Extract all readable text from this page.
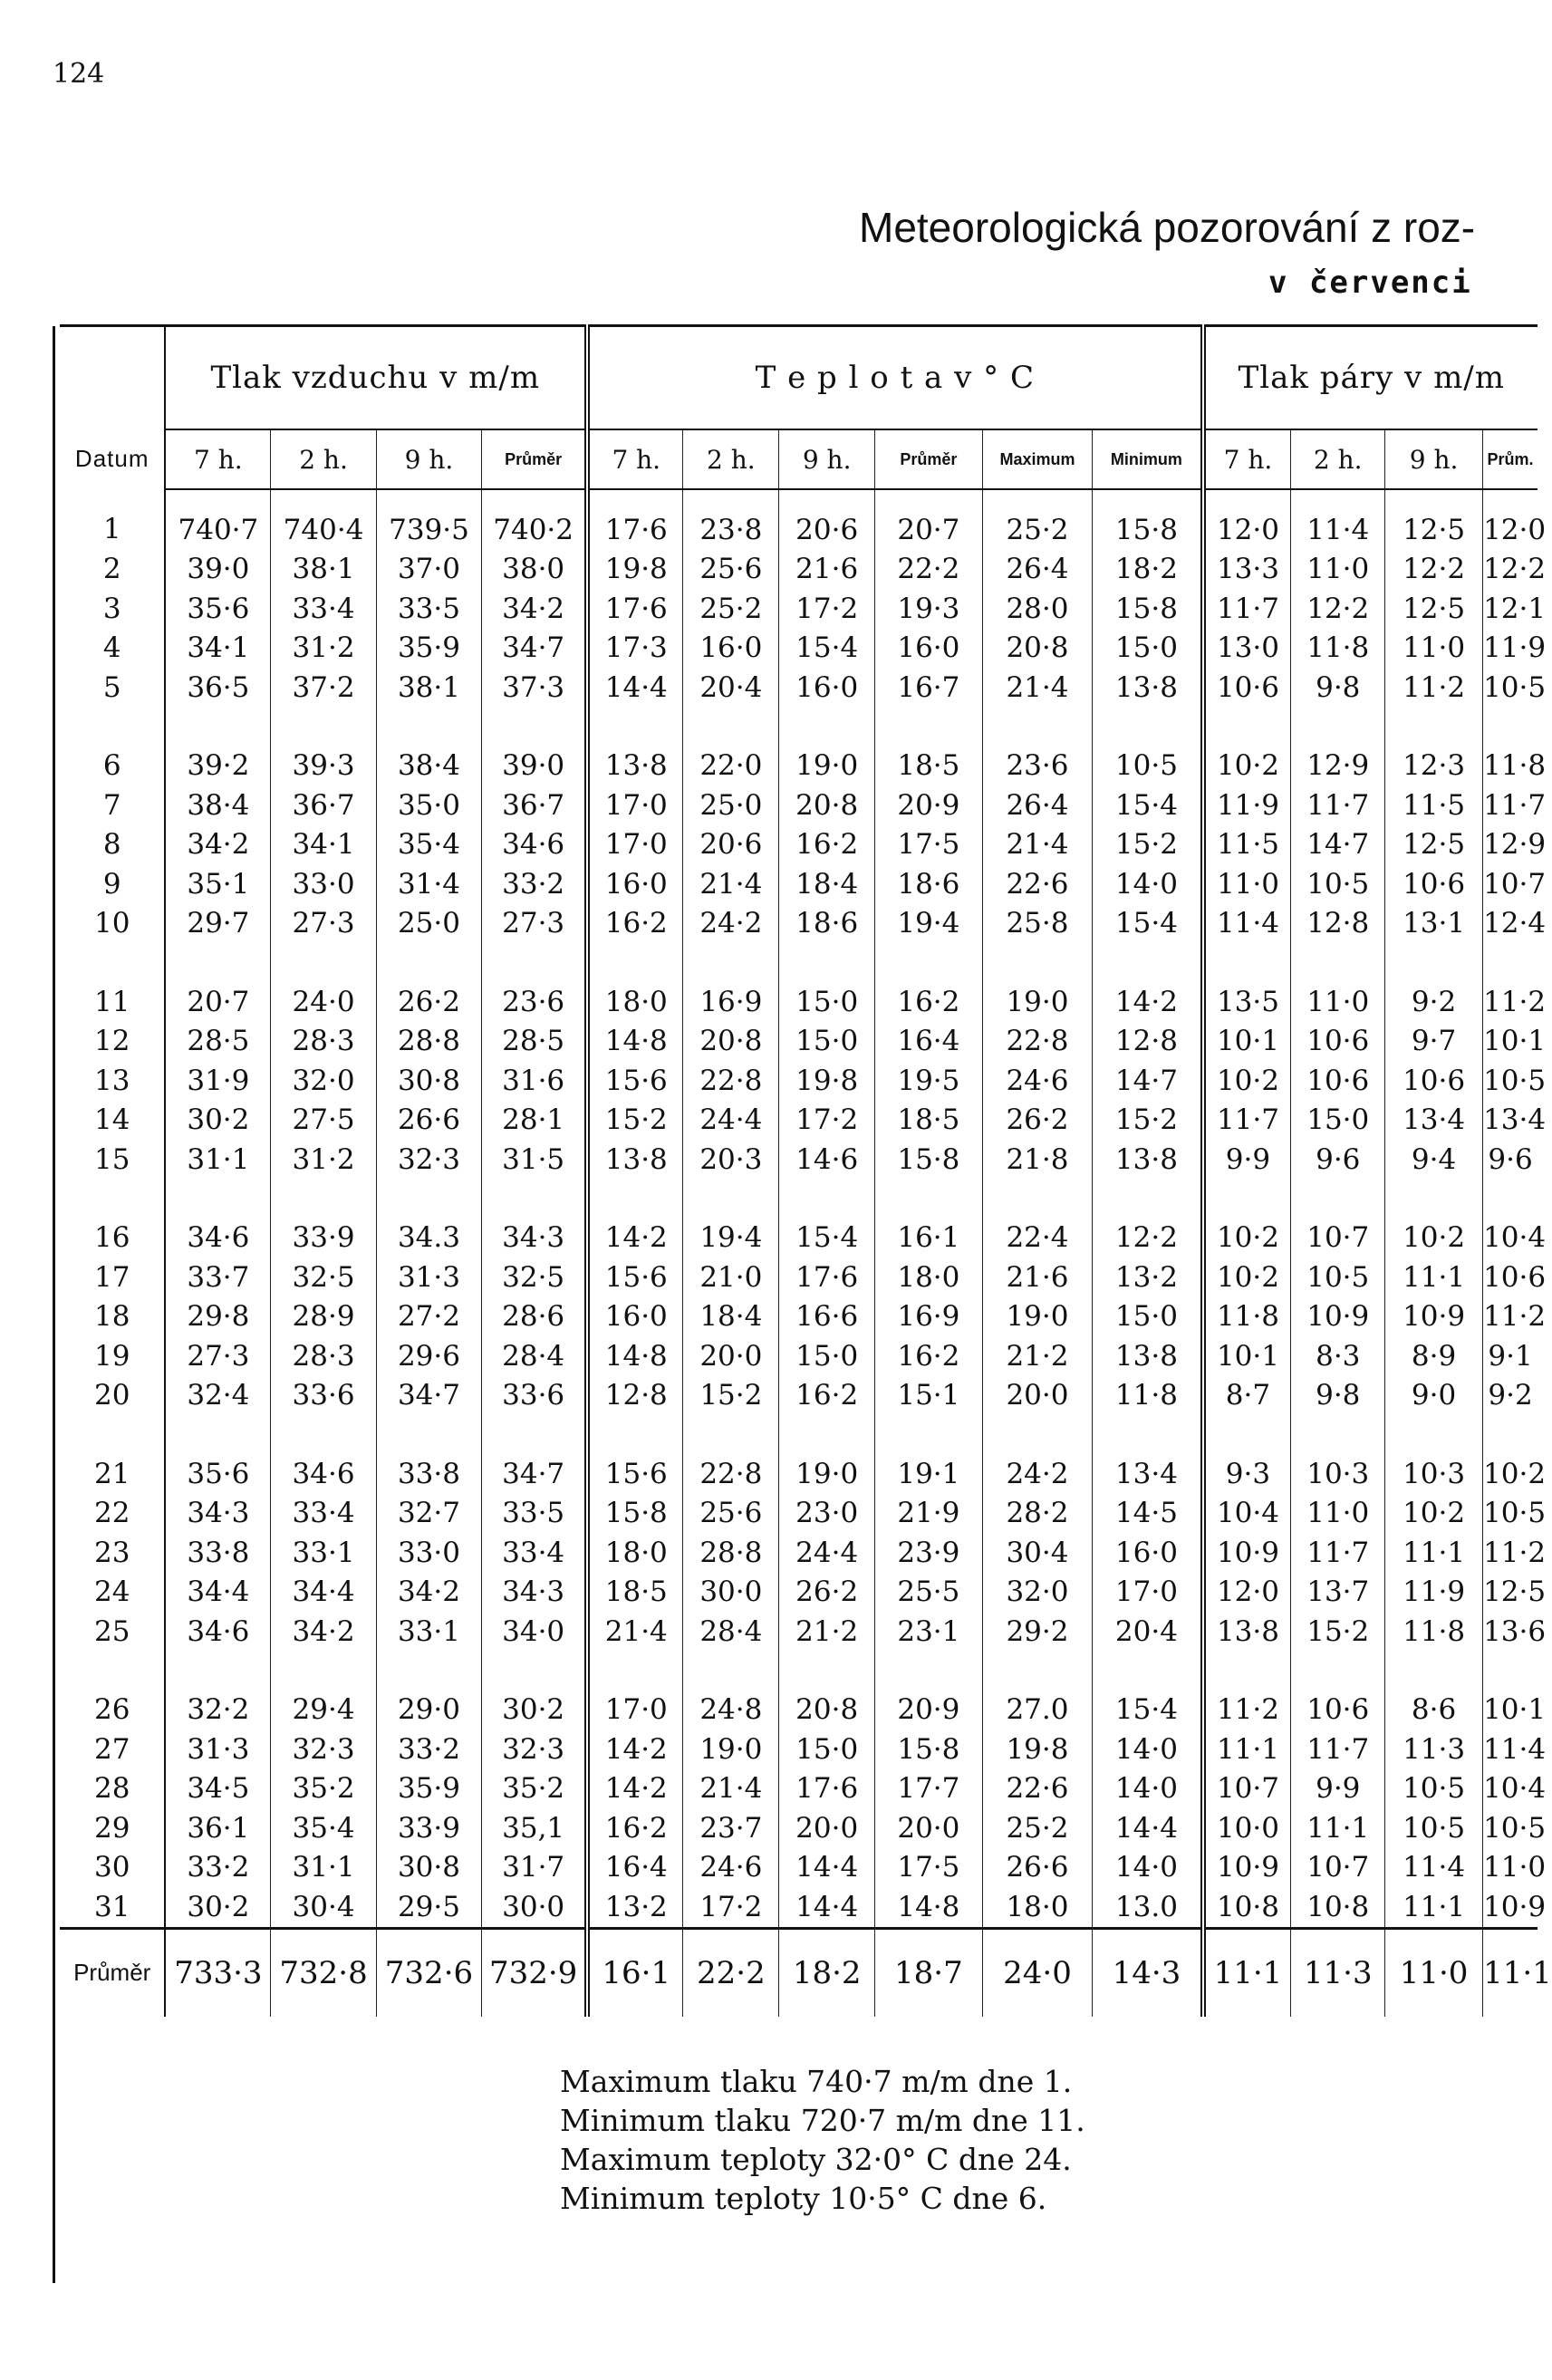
124
Meteorologická pozorování z roz-
v červenci
Datum	Tlak vzduchu v m/m				T e p l o t a v ° C						Tlak páry v m/m			
	7 h.	2 h.	9 h.	Průměr	7 h.	2 h.	9 h.	Průměr	Maximum	Minimum	7 h.	2 h.	9 h.	Prům.
1	740·7	740·4	739·5	740·2	17·6	23·8	20·6	20·7	25·2	15·8	12·0	11·4	12·5	12·0
2	39·0	38·1	37·0	38·0	19·8	25·6	21·6	22·2	26·4	18·2	13·3	11·0	12·2	12·2
3	35·6	33·4	33·5	34·2	17·6	25·2	17·2	19·3	28·0	15·8	11·7	12·2	12·5	12·1
4	34·1	31·2	35·9	34·7	17·3	16·0	15·4	16·0	20·8	15·0	13·0	11·8	11·0	11·9
5	36·5	37·2	38·1	37·3	14·4	20·4	16·0	16·7	21·4	13·8	10·6	9·8	11·2	10·5

6	39·2	39·3	38·4	39·0	13·8	22·0	19·0	18·5	23·6	10·5	10·2	12·9	12·3	11·8
7	38·4	36·7	35·0	36·7	17·0	25·0	20·8	20·9	26·4	15·4	11·9	11·7	11·5	11·7
8	34·2	34·1	35·4	34·6	17·0	20·6	16·2	17·5	21·4	15·2	11·5	14·7	12·5	12·9
9	35·1	33·0	31·4	33·2	16·0	21·4	18·4	18·6	22·6	14·0	11·0	10·5	10·6	10·7
10	29·7	27·3	25·0	27·3	16·2	24·2	18·6	19·4	25·8	15·4	11·4	12·8	13·1	12·4

11	20·7	24·0	26·2	23·6	18·0	16·9	15·0	16·2	19·0	14·2	13·5	11·0	9·2	11·2
12	28·5	28·3	28·8	28·5	14·8	20·8	15·0	16·4	22·8	12·8	10·1	10·6	9·7	10·1
13	31·9	32·0	30·8	31·6	15·6	22·8	19·8	19·5	24·6	14·7	10·2	10·6	10·6	10·5
14	30·2	27·5	26·6	28·1	15·2	24·4	17·2	18·5	26·2	15·2	11·7	15·0	13·4	13·4
15	31·1	31·2	32·3	31·5	13·8	20·3	14·6	15·8	21·8	13·8	9·9	9·6	9·4	9·6

16	34·6	33·9	34.3	34·3	14·2	19·4	15·4	16·1	22·4	12·2	10·2	10·7	10·2	10·4
17	33·7	32·5	31·3	32·5	15·6	21·0	17·6	18·0	21·6	13·2	10·2	10·5	11·1	10·6
18	29·8	28·9	27·2	28·6	16·0	18·4	16·6	16·9	19·0	15·0	11·8	10·9	10·9	11·2
19	27·3	28·3	29·6	28·4	14·8	20·0	15·0	16·2	21·2	13·8	10·1	8·3	8·9	9·1
20	32·4	33·6	34·7	33·6	12·8	15·2	16·2	15·1	20·0	11·8	8·7	9·8	9·0	9·2

21	35·6	34·6	33·8	34·7	15·6	22·8	19·0	19·1	24·2	13·4	9·3	10·3	10·3	10·2
22	34·3	33·4	32·7	33·5	15·8	25·6	23·0	21·9	28·2	14·5	10·4	11·0	10·2	10·5
23	33·8	33·1	33·0	33·4	18·0	28·8	24·4	23·9	30·4	16·0	10·9	11·7	11·1	11·2
24	34·4	34·4	34·2	34·3	18·5	30·0	26·2	25·5	32·0	17·0	12·0	13·7	11·9	12·5
25	34·6	34·2	33·1	34·0	21·4	28·4	21·2	23·1	29·2	20·4	13·8	15·2	11·8	13·6

26	32·2	29·4	29·0	30·2	17·0	24·8	20·8	20·9	27.0	15·4	11·2	10·6	8·6	10·1
27	31·3	32·3	33·2	32·3	14·2	19·0	15·0	15·8	19·8	14·0	11·1	11·7	11·3	11·4
28	34·5	35·2	35·9	35·2	14·2	21·4	17·6	17·7	22·6	14·0	10·7	9·9	10·5	10·4
29	36·1	35·4	33·9	35,1	16·2	23·7	20·0	20·0	25·2	14·4	10·0	11·1	10·5	10·5
30	33·2	31·1	30·8	31·7	16·4	24·6	14·4	17·5	26·6	14·0	10·9	10·7	11·4	11·0
31	30·2	30·4	29·5	30·0	13·2	17·2	14·4	14·8	18·0	13.0	10·8	10·8	11·1	10·9
Průměr	733·3	732·8	732·6	732·9	16·1	22·2	18·2	18·7	24·0	14·3	11·1	11·3	11·0	11·1
Maximum tlaku 740·7 m/m dne 1.
Minimum tlaku 720·7 m/m dne 11.
Maximum teploty 32·0° C dne 24.
Minimum teploty 10·5° C dne 6.
